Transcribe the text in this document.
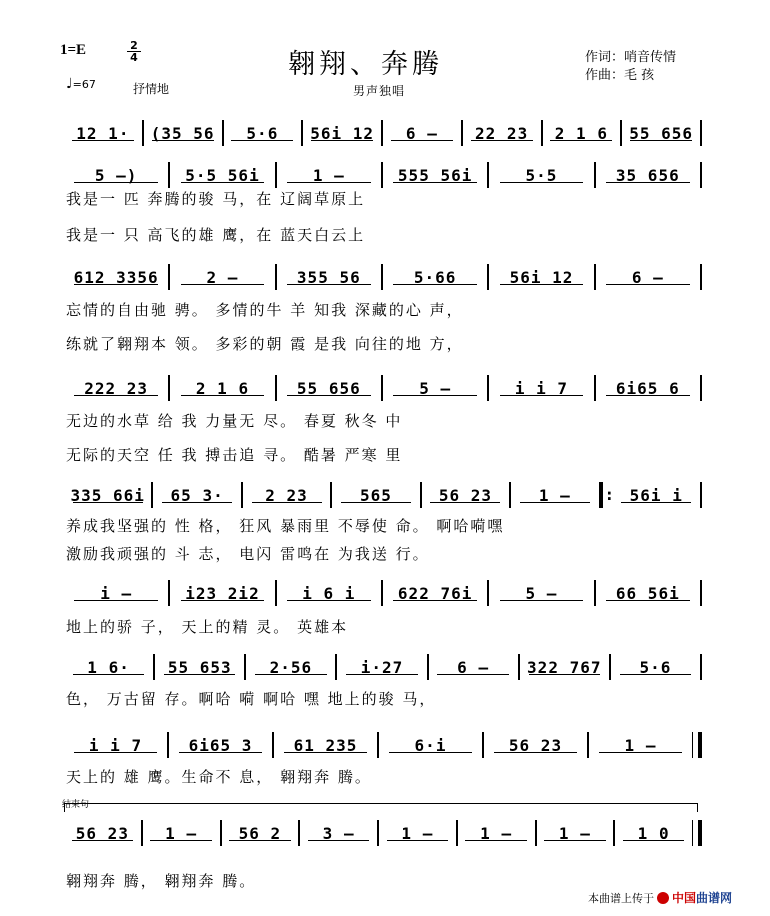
1=E	2
4	翱翔、奔腾	作词：哨音传情
作曲：毛 孩
♩=67	抒情地	男声独唱
12 1·	(35 56	5·6	56i 12	6 –	22 23	2 1 6	55 656
5 –)	5·5 56i	1 –	555 56i	5·5	35 656
612 3356	2 –	355 56	5·66	56i 12	6 –
222 23	2 1 6	55 656	5 –	i i 7	6i65 6
335 66i	65 3·	2 23	565	56 23	1 –
:	56i i
i –	i23 2i2	i 6 i	622 76i	5 –	66 56i
1 6·	55 653	2·56	i·27	6 –	322 767	5·6
i i 7	6i65 3	61 235	6·i	56 23	1 –
56 23	1 –	56 2	3 –	1 –	1 –	1 –	1 0
我是一 匹 奔腾的骏 马，在 辽阔草原上
我是一 只 高飞的雄 鹰，在 蓝天白云上
忘情的自由驰 骋。 多情的牛 羊 知我 深藏的心 声，
练就了翱翔本 领。 多彩的朝 霞 是我 向往的地 方，
无边的水草 给 我 力量无 尽。 春夏 秋冬 中
无际的天空 任 我 搏击追 寻。 酷暑 严寒 里
养成我坚强的 性 格， 狂风 暴雨里 不辱使 命。 啊哈嗬嘿
激励我顽强的 斗 志， 电闪 雷鸣在 为我送 行。
地上的骄 子， 天上的精 灵。 英雄本
色， 万古留 存。啊哈 嗬 啊哈 嘿 地上的骏 马，
天上的 雄 鹰。生命不 息， 翱翔奔 腾。
翱翔奔 腾， 翱翔奔 腾。
结束句
本曲谱上传于 中国曲谱网
